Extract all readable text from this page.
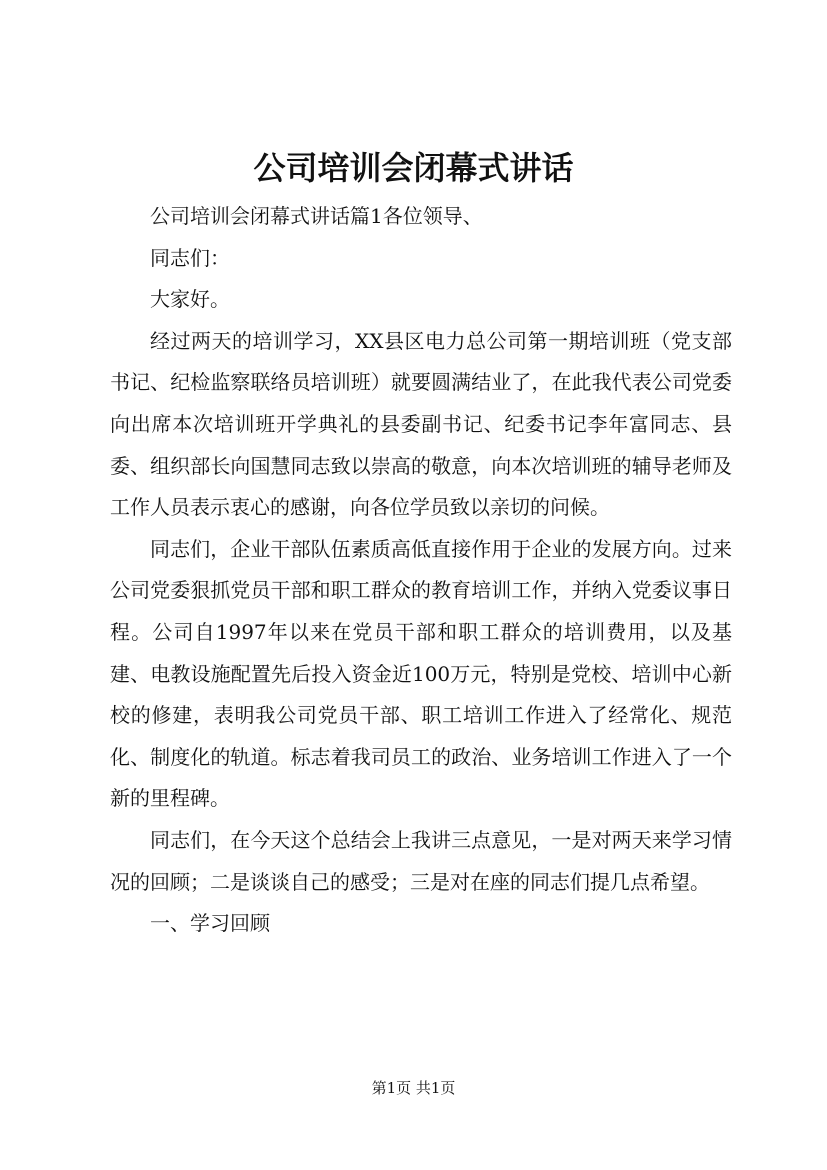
公司培训会闭幕式讲话

公司培训会闭幕式讲话篇1各位领导、

同志们：

大家好。

经过两天的培训学习，XX县区电力总公司第一期培训班（党支部书记、纪检监察联络员培训班）就要圆满结业了，在此我代表公司党委向出席本次培训班开学典礼的县委副书记、纪委书记李年富同志、县委、组织部长向国慧同志致以崇高的敬意，向本次培训班的辅导老师及工作人员表示衷心的感谢，向各位学员致以亲切的问候。

同志们，企业干部队伍素质高低直接作用于企业的发展方向。过来公司党委狠抓党员干部和职工群众的教育培训工作，并纳入党委议事日程。公司自1997年以来在党员干部和职工群众的培训费用，以及基建、电教设施配置先后投入资金近100万元，特别是党校、培训中心新校的修建，表明我公司党员干部、职工培训工作进入了经常化、规范化、制度化的轨道。标志着我司员工的政治、业务培训工作进入了一个新的里程碑。

同志们，在今天这个总结会上我讲三点意见，一是对两天来学习情况的回顾；二是谈谈自己的感受；三是对在座的同志们提几点希望。

一、学习回顾

第1页 共1页
